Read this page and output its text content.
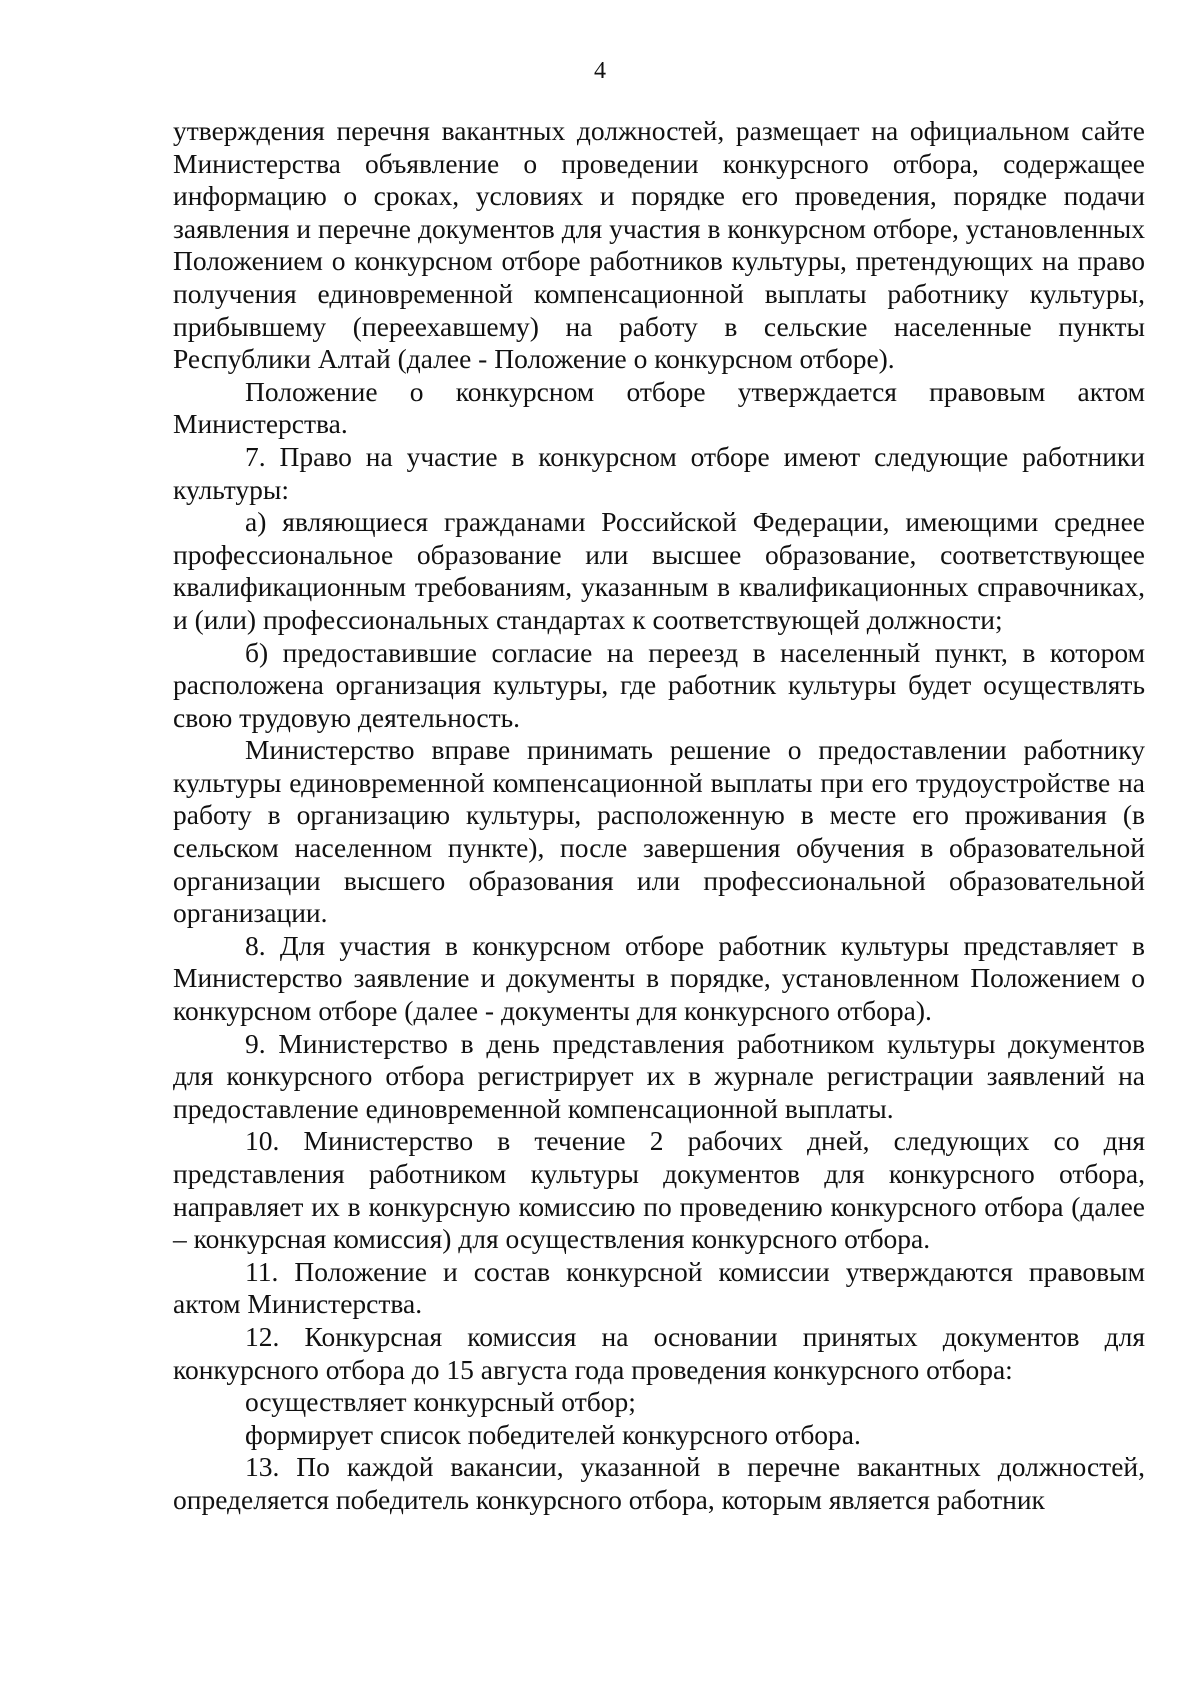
4

утверждения перечня вакантных должностей, размещает на официальном сайте Министерства объявление о проведении конкурсного отбора, содержащее информацию о сроках, условиях и порядке его проведения, порядке подачи заявления и перечне документов для участия в конкурсном отборе, установленных Положением о конкурсном отборе работников культуры, претендующих на право получения единовременной компенсационной выплаты работнику культуры, прибывшему (переехавшему) на работу в сельские населенные пункты Республики Алтай (далее - Положение о конкурсном отборе).

Положение о конкурсном отборе утверждается правовым актом Министерства.

7. Право на участие в конкурсном отборе имеют следующие работники культуры:

а) являющиеся гражданами Российской Федерации, имеющими среднее профессиональное образование или высшее образование, соответствующее квалификационным требованиям, указанным в квалификационных справочниках, и (или) профессиональных стандартах к соответствующей должности;

б) предоставившие согласие на переезд в населенный пункт, в котором расположена организация культуры, где работник культуры будет осуществлять свою трудовую деятельность.

Министерство вправе принимать решение о предоставлении работнику культуры единовременной компенсационной выплаты при его трудоустройстве на работу в организацию культуры, расположенную в месте его проживания (в сельском населенном пункте), после завершения обучения в образовательной организации высшего образования или профессиональной образовательной организации.

8. Для участия в конкурсном отборе работник культуры представляет в Министерство заявление и документы в порядке, установленном Положением о конкурсном отборе (далее - документы для конкурсного отбора).

9. Министерство в день представления работником культуры документов для конкурсного отбора регистрирует их в журнале регистрации заявлений на предоставление единовременной компенсационной выплаты.

10. Министерство в течение 2 рабочих дней, следующих со дня представления работником культуры документов для конкурсного отбора, направляет их в конкурсную комиссию по проведению конкурсного отбора (далее – конкурсная комиссия) для осуществления конкурсного отбора.

11. Положение и состав конкурсной комиссии утверждаются правовым актом Министерства.

12. Конкурсная комиссия на основании принятых документов для конкурсного отбора до 15 августа года проведения конкурсного отбора:

осуществляет конкурсный отбор;

формирует список победителей конкурсного отбора.

13. По каждой вакансии, указанной в перечне вакантных должностей, определяется победитель конкурсного отбора, которым является работник
